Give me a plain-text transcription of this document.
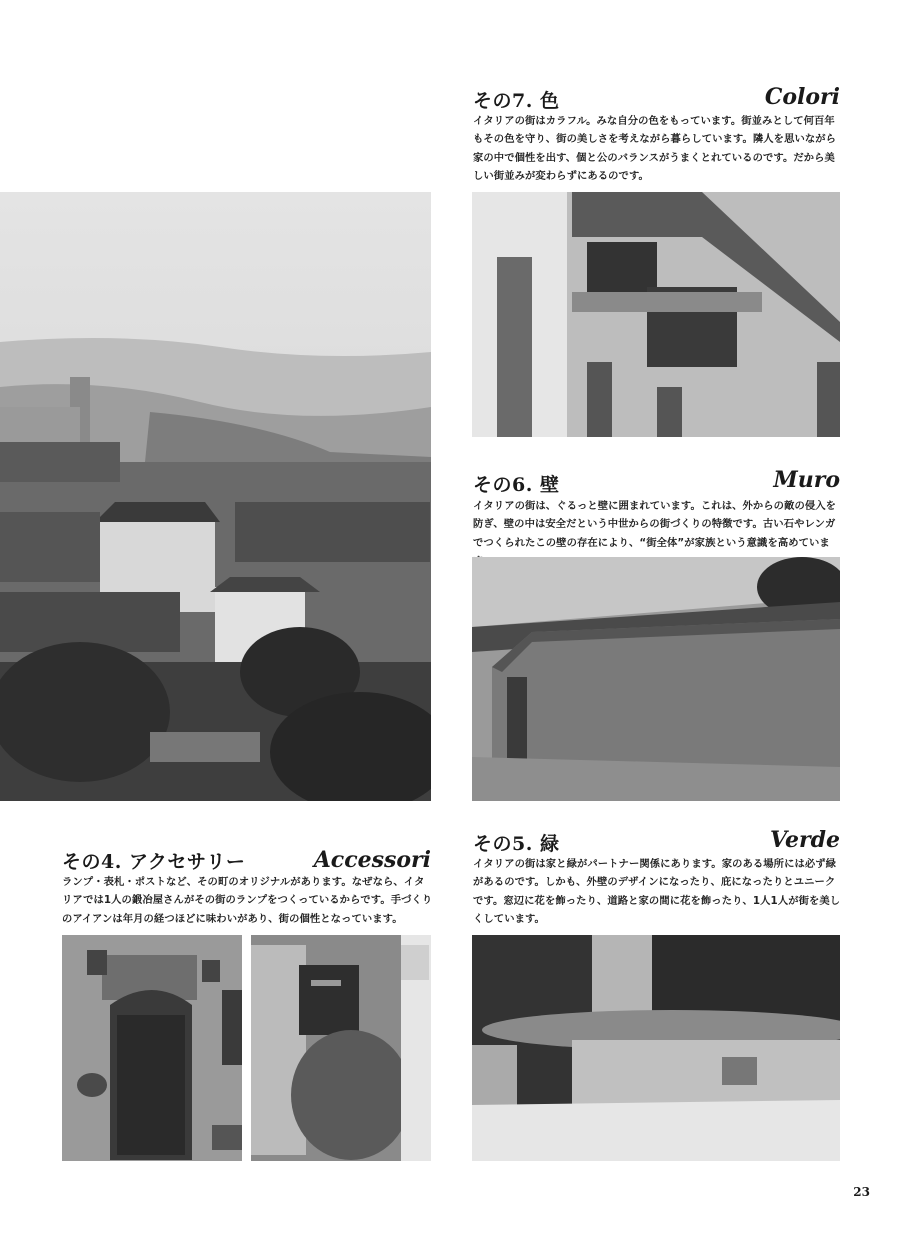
その7. 色	Colori
イタリアの街はカラフル。みな自分の色をもっています。街並みとして何百年もその色を守り、街の美しさを考えながら暮らしています。隣人を思いながら家の中で個性を出す、個と公のバランスがうまくとれているのです。だから美しい街並みが変わらずにあるのです。
その6. 壁	Muro
イタリアの街は、ぐるっと壁に囲まれています。これは、外からの敵の侵入を防ぎ、壁の中は安全だという中世からの街づくりの特徴です。古い石やレンガでつくられたこの壁の存在により、“街全体”が家族という意識を高めていま
その5. 緑	Verde
イタリアの街は家と緑がパートナー関係にあります。家のある場所には必ず緑があるのです。しかも、外壁のデザインになったり、庇になったりとユニークです。窓辺に花を飾ったり、道路と家の間に花を飾ったり、1人1人が街を美しくしています。
その4. アクセサリー	Accessori
ランプ・表札・ポストなど、その町のオリジナルがあります。なぜなら、イタリアでは1人の鍛冶屋さんがその街のランプをつくっているからです。手づくりのアイアンは年月の経つほどに味わいがあり、街の個性となっています。
23
